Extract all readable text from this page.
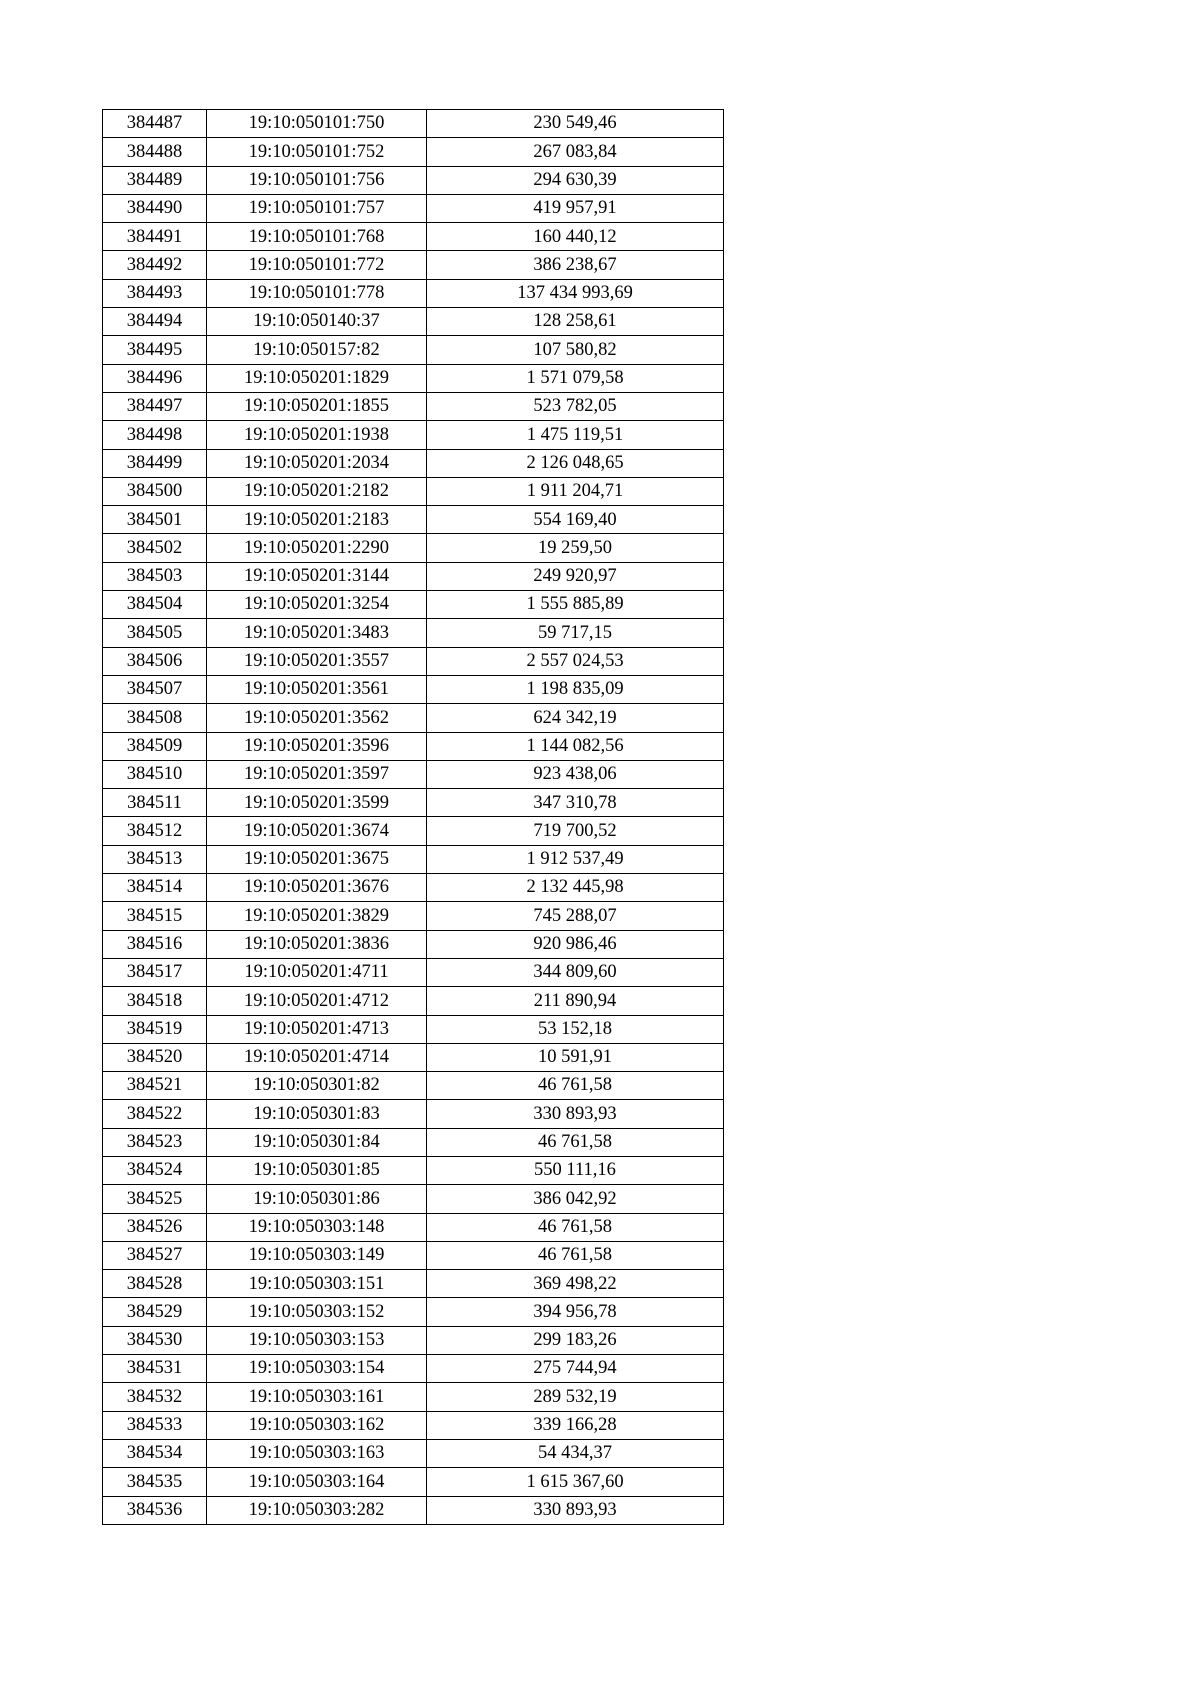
384487	19:10:050101:750	230 549,46
384488	19:10:050101:752	267 083,84
384489	19:10:050101:756	294 630,39
384490	19:10:050101:757	419 957,91
384491	19:10:050101:768	160 440,12
384492	19:10:050101:772	386 238,67
384493	19:10:050101:778	137 434 993,69
384494	19:10:050140:37	128 258,61
384495	19:10:050157:82	107 580,82
384496	19:10:050201:1829	1 571 079,58
384497	19:10:050201:1855	523 782,05
384498	19:10:050201:1938	1 475 119,51
384499	19:10:050201:2034	2 126 048,65
384500	19:10:050201:2182	1 911 204,71
384501	19:10:050201:2183	554 169,40
384502	19:10:050201:2290	19 259,50
384503	19:10:050201:3144	249 920,97
384504	19:10:050201:3254	1 555 885,89
384505	19:10:050201:3483	59 717,15
384506	19:10:050201:3557	2 557 024,53
384507	19:10:050201:3561	1 198 835,09
384508	19:10:050201:3562	624 342,19
384509	19:10:050201:3596	1 144 082,56
384510	19:10:050201:3597	923 438,06
384511	19:10:050201:3599	347 310,78
384512	19:10:050201:3674	719 700,52
384513	19:10:050201:3675	1 912 537,49
384514	19:10:050201:3676	2 132 445,98
384515	19:10:050201:3829	745 288,07
384516	19:10:050201:3836	920 986,46
384517	19:10:050201:4711	344 809,60
384518	19:10:050201:4712	211 890,94
384519	19:10:050201:4713	53 152,18
384520	19:10:050201:4714	10 591,91
384521	19:10:050301:82	46 761,58
384522	19:10:050301:83	330 893,93
384523	19:10:050301:84	46 761,58
384524	19:10:050301:85	550 111,16
384525	19:10:050301:86	386 042,92
384526	19:10:050303:148	46 761,58
384527	19:10:050303:149	46 761,58
384528	19:10:050303:151	369 498,22
384529	19:10:050303:152	394 956,78
384530	19:10:050303:153	299 183,26
384531	19:10:050303:154	275 744,94
384532	19:10:050303:161	289 532,19
384533	19:10:050303:162	339 166,28
384534	19:10:050303:163	54 434,37
384535	19:10:050303:164	1 615 367,60
384536	19:10:050303:282	330 893,93
